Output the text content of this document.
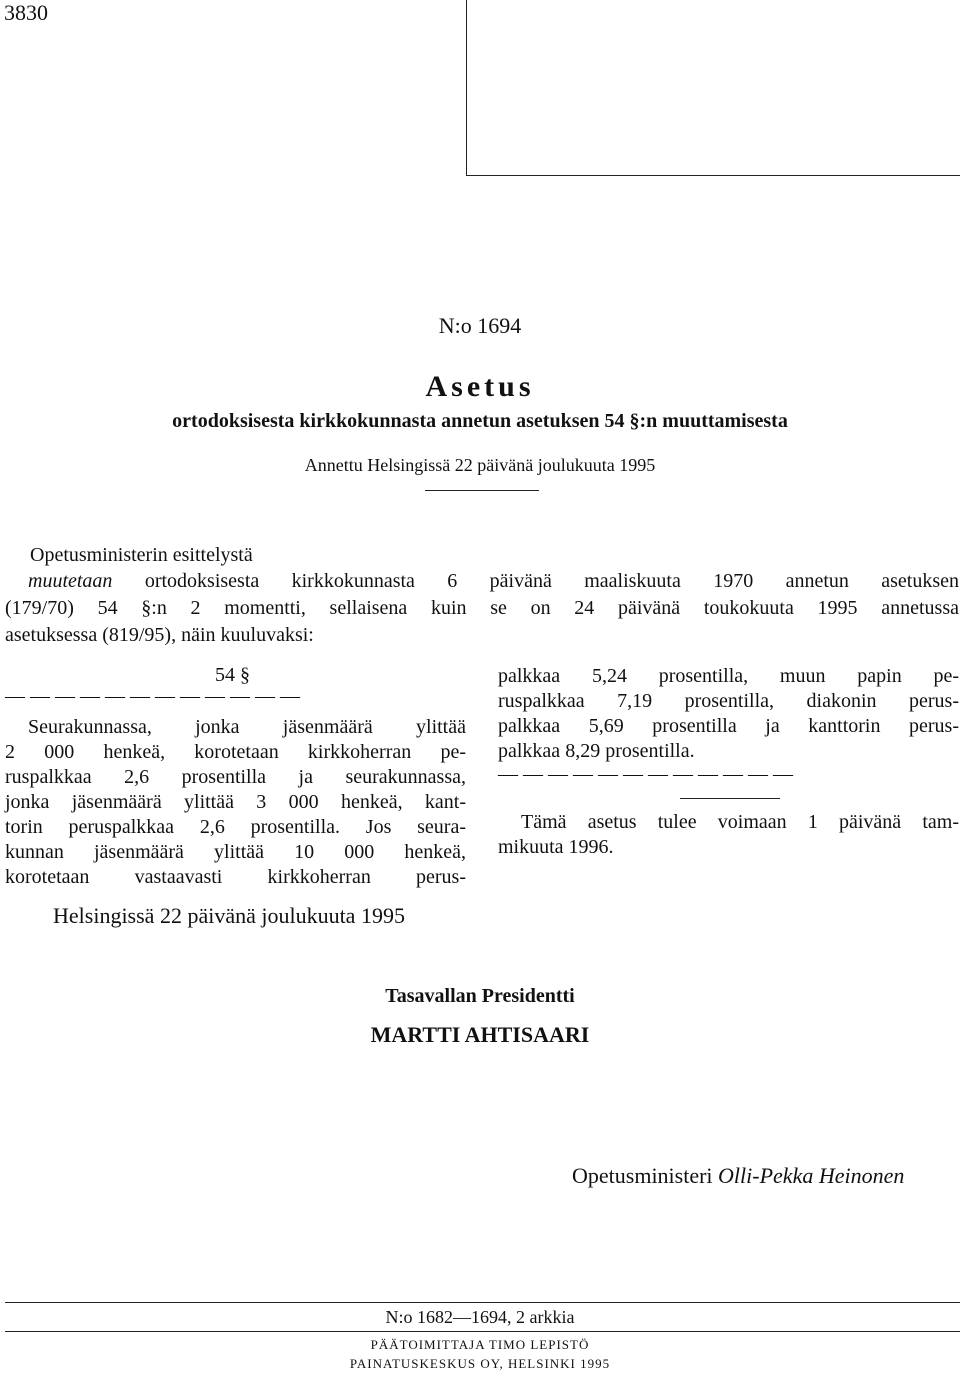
3830
N:o 1694
Asetus
ortodoksisesta kirkkokunnasta annetun asetuksen 54 §:n muuttamisesta
Annettu Helsingissä 22 päivänä joulukuuta 1995
Opetusministerin esittelystä
muutetaan ortodoksisesta kirkkokunnasta 6 päivänä maaliskuuta 1970 annetun asetuksen
(179/70) 54 §:n 2 momentti, sellaisena kuin se on 24 päivänä toukokuuta 1995 annetussa
asetuksessa (819/95), näin kuuluvaksi:
54 §
— — — — — — — — — — — —
Seurakunnassa, jonka jäsenmäärä ylittää
2 000 henkeä, korotetaan kirkkoherran pe-
ruspalkkaa 2,6 prosentilla ja seurakunnassa,
jonka jäsenmäärä ylittää 3 000 henkeä, kant-
torin peruspalkkaa 2,6 prosentilla. Jos seura-
kunnan jäsenmäärä ylittää 10 000 henkeä,
korotetaan vastaavasti kirkkoherran perus-
palkkaa 5,24 prosentilla, muun papin pe-
ruspalkkaa 7,19 prosentilla, diakonin perus-
palkkaa 5,69 prosentilla ja kanttorin perus-
palkkaa 8,29 prosentilla.
— — — — — — — — — — — —
Tämä asetus tulee voimaan 1 päivänä tam-
mikuuta 1996.
Helsingissä 22 päivänä joulukuuta 1995
Tasavallan Presidentti
MARTTI AHTISAARI
Opetusministeri Olli-Pekka Heinonen
N:o 1682—1694, 2 arkkia
PÄÄTOIMITTAJA TIMO LEPISTÖ
PAINATUSKESKUS OY, HELSINKI 1995
